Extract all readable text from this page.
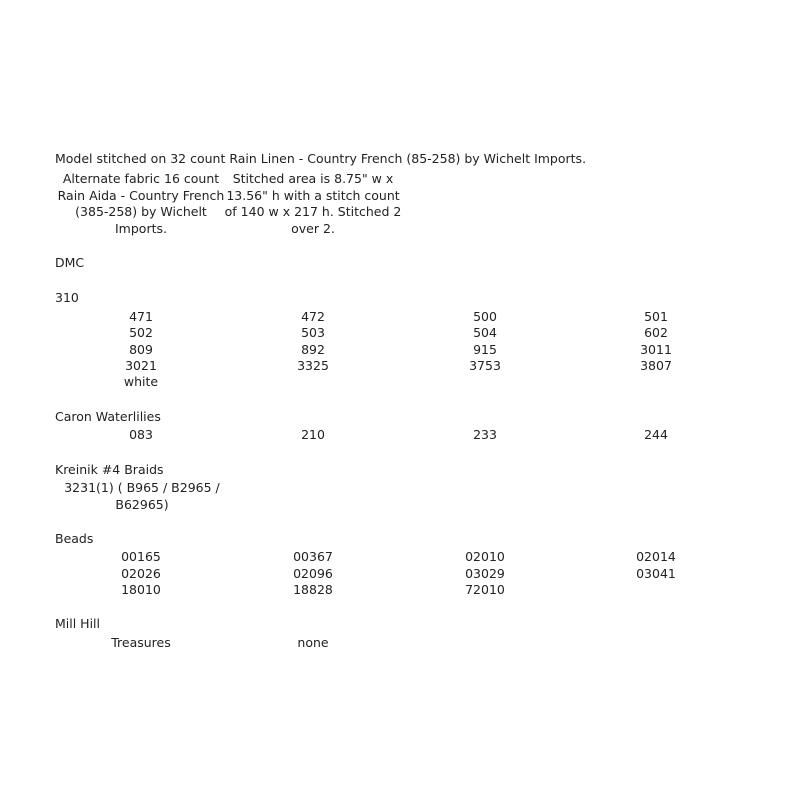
Model stitched on 32 count Rain Linen - Country French (85-258) by Wichelt Imports.
Alternate fabric 16 count Rain Aida - Country French (385-258) by Wichelt Imports.
Stitched area is 8.75" w x 13.56" h with a stitch count of 140 w x 217 h. Stitched 2 over 2.
DMC
310
471	472	500	501
502	503	504	602
809	892	915	3011
3021	3325	3753	3807
white
Caron Waterlilies
083	210	233	244
Kreinik #4 Braids
3231(1) ( B965 / B2965 / B62965)
Beads
00165	00367	02010	02014
02026	02096	03029	03041
18010	18828	72010
Mill Hill
Treasures	none
